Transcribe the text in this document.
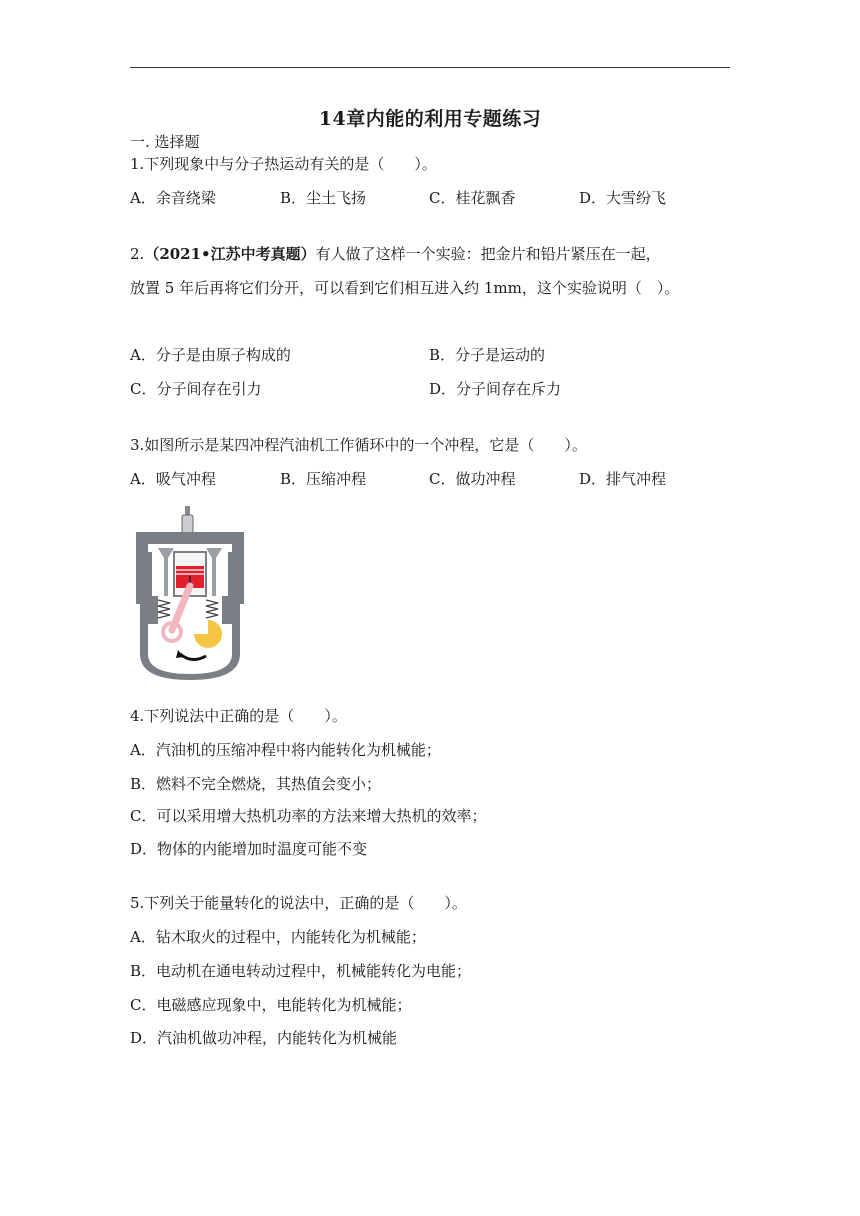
14章内能的利用专题练习
一. 选择题
1.下列现象中与分子热运动有关的是（　　）。
A．余音绕梁	B．尘土飞扬	C．桂花飘香	D．大雪纷飞
2.（2021•江苏中考真题）有人做了这样一个实验：把金片和铅片紧压在一起，
放置 5 年后再将它们分开，可以看到它们相互进入约 1mm，这个实验说明（　）。
A．分子是由原子构成的	B．分子是运动的
C．分子间存在引力	D．分子间存在斥力
3.如图所示是某四冲程汽油机工作循环中的一个冲程，它是（　　）。
A．吸气冲程	B．压缩冲程	C．做功冲程	D．排气冲程
4.下列说法中正确的是（　　）。
A．汽油机的压缩冲程中将内能转化为机械能；
B．燃料不完全燃烧，其热值会变小；
C．可以采用增大热机功率的方法来增大热机的效率；
D．物体的内能增加时温度可能不变
5.下列关于能量转化的说法中，正确的是（　　）。
A．钻木取火的过程中，内能转化为机械能；
B．电动机在通电转动过程中，机械能转化为电能；
C．电磁感应现象中，电能转化为机械能；
D．汽油机做功冲程，内能转化为机械能
